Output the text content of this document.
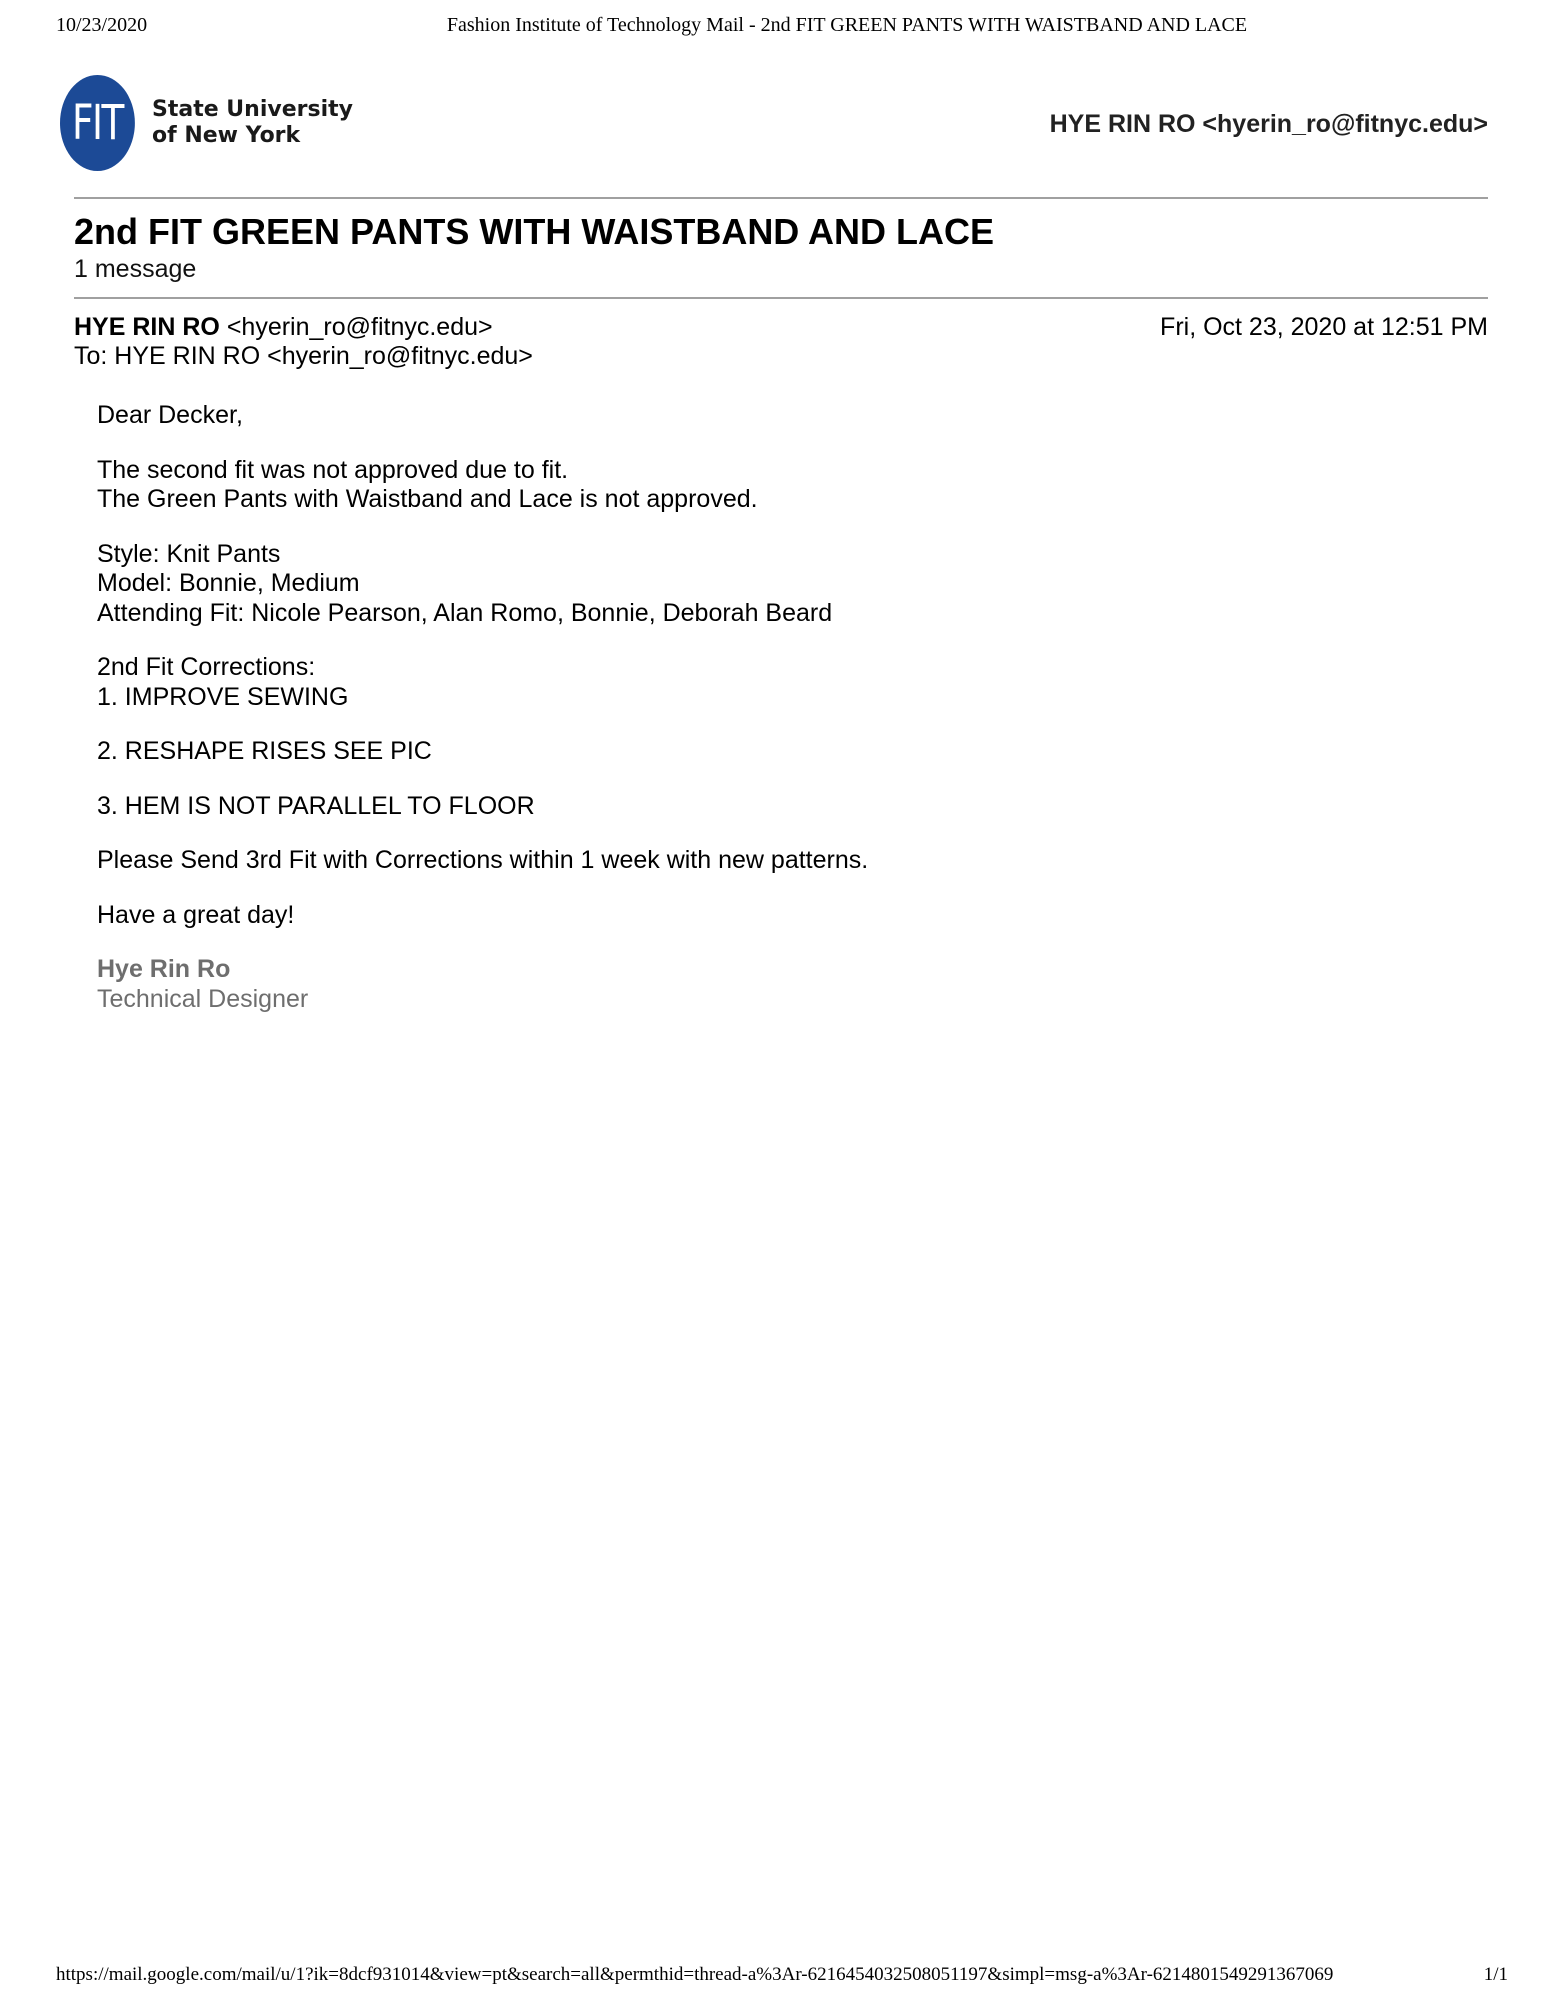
10/23/2020	Fashion Institute of Technology Mail - 2nd FIT GREEN PANTS WITH WAISTBAND AND LACE
FIT State University
of New York	HYE RIN RO <hyerin_ro@fitnyc.edu>
2nd FIT GREEN PANTS WITH WAISTBAND AND LACE
1 message
HYE RIN RO <hyerin_ro@fitnyc.edu>	Fri, Oct 23, 2020 at 12:51 PM
To: HYE RIN RO <hyerin_ro@fitnyc.edu>

Dear Decker,

The second fit was not approved due to fit.
The Green Pants with Waistband and Lace is not approved.

Style: Knit Pants
Model: Bonnie, Medium
Attending Fit: Nicole Pearson, Alan Romo, Bonnie, Deborah Beard

2nd Fit Corrections:
1. IMPROVE SEWING

2. RESHAPE RISES SEE PIC

3. HEM IS NOT PARALLEL TO FLOOR

Please Send 3rd Fit with Corrections within 1 week with new patterns.

Have a great day!

Hye Rin Ro
Technical Designer

https://mail.google.com/mail/u/1?ik=8dcf931014&view=pt&search=all&permthid=thread-a%3Ar-6216454032508051197&simpl=msg-a%3Ar-6214801549291367069	1/1
